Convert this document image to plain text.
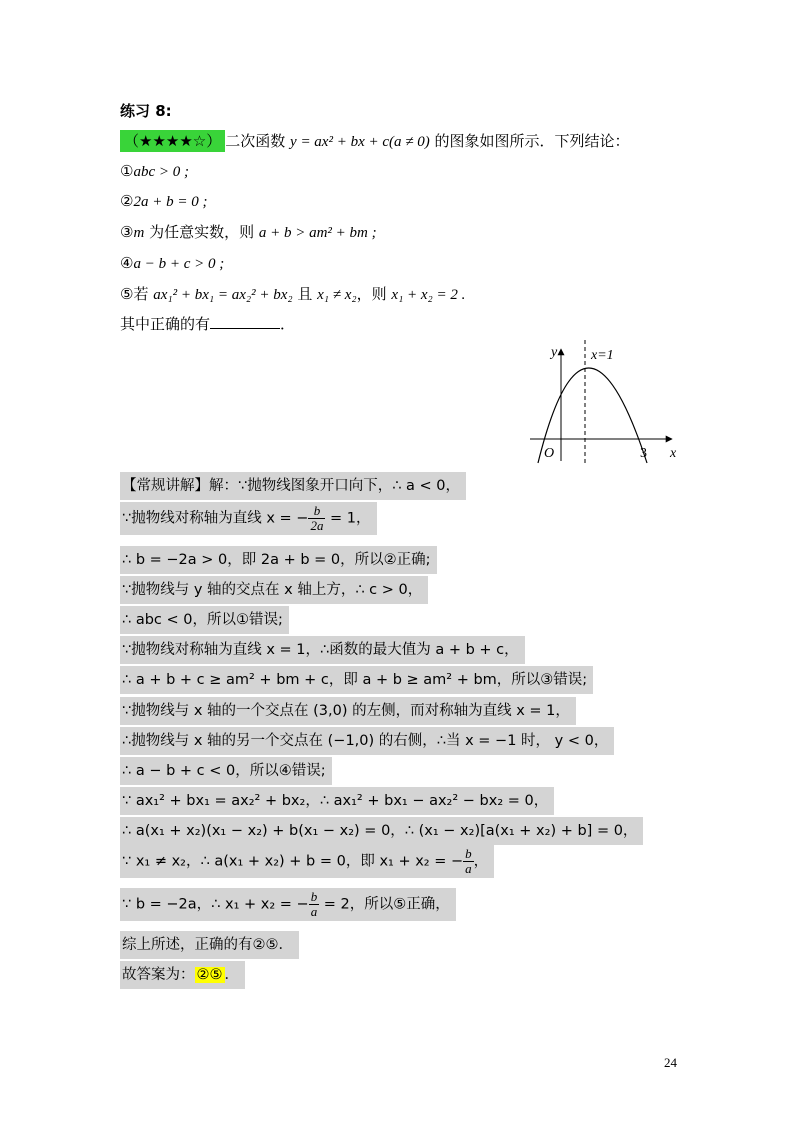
练习 8:
（★★★★☆） 二次函数 y = ax² + bx + c(a ≠ 0) 的图象如图所示．下列结论：
①abc > 0 ;
②2a + b = 0 ;
③m 为任意实数，则 a + b > am² + bm ;
④a − b + c > 0 ;
⑤若 ax₁² + bx₁ = ax₂² + bx₂ 且 x₁ ≠ x₂，则 x₁ + x₂ = 2 .
其中正确的有	．
y
x
x=1
O	3
【常规讲解】解：∵抛物线图象开口向下，∴ a < 0，
∵抛物线对称轴为直线 x = − $\frac{b}{2a} = 1$，
∴ b = −2a > 0，即 2a + b = 0，所以②正确;
∵抛物线与 y 轴的交点在 x 轴上方，∴ c > 0，
∴ abc < 0，所以①错误;
∵抛物线对称轴为直线 x = 1，∴函数的最大值为 a + b + c，
∴ a + b + c ≥ am² + bm + c，即 a + b ≥ am² + bm，所以③错误;
∵抛物线与 x 轴的一个交点在 (3,0) 的左侧，而对称轴为直线 x = 1，
∴抛物线与 x 轴的另一个交点在 (−1,0) 的右侧，∴当 x = −1 时， y < 0，
∴ a − b + c < 0，所以④错误;
∵ ax₁² + bx₁ = ax₂² + bx₂，∴ ax₁² + bx₁ − ax₂² − bx₂ = 0，
∴ a(x₁ + x₂)(x₁ − x₂) + b(x₁ − x₂) = 0，∴ (x₁ − x₂)[a(x₁ + x₂) + b] = 0，
∵ x₁ ≠ x₂，∴ a(x₁ + x₂) + b = 0，即 x₁ + x₂ = − $\frac{b}{a}$ ，
∵ b = −2a，∴ x₁ + x₂ = − $\frac{b}{a} = 2$，所以⑤正确，
综上所述，正确的有②⑤．
故答案为： ②⑤ ．
24
